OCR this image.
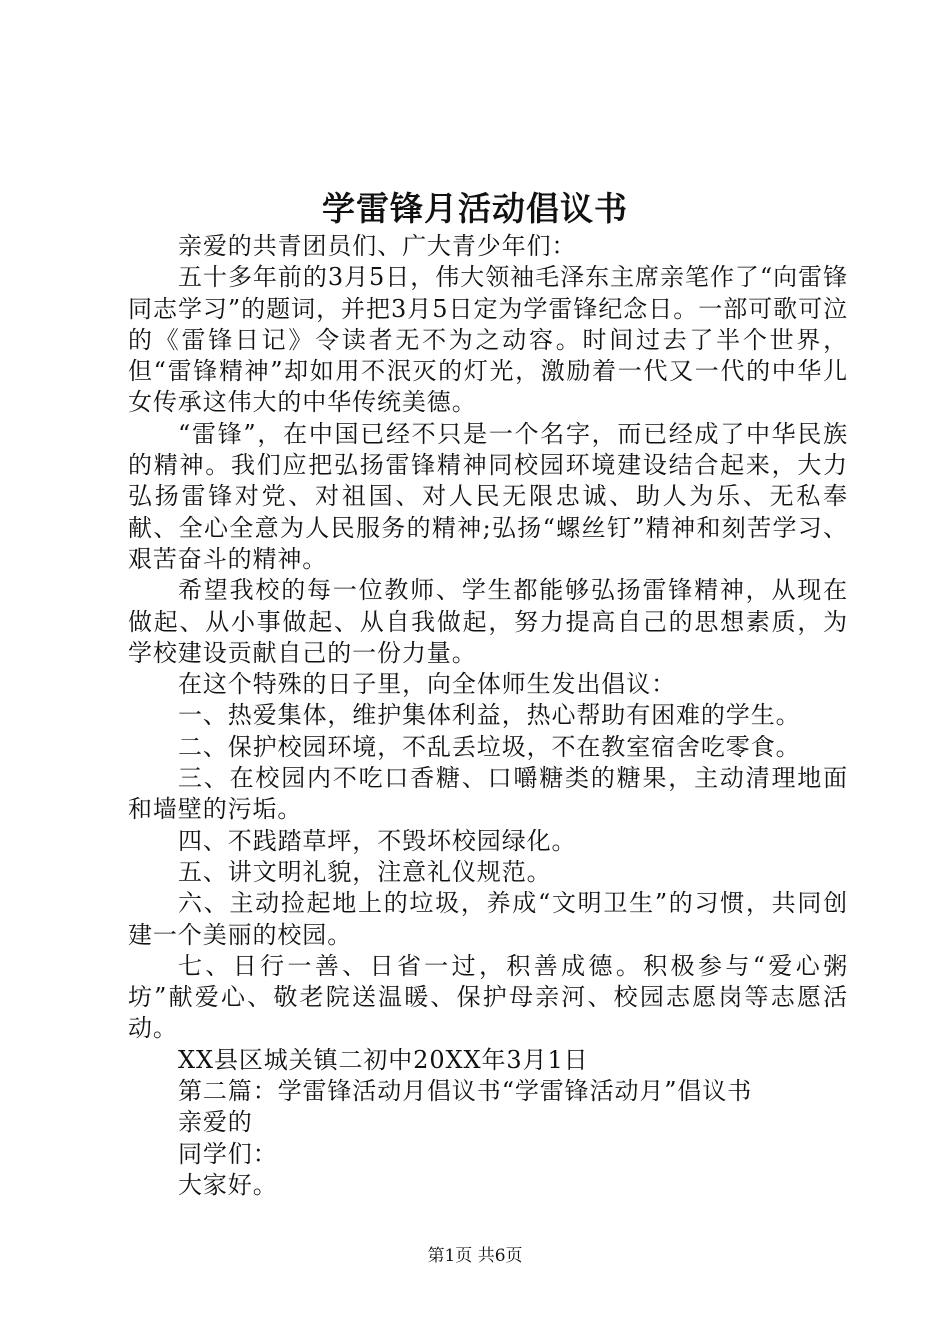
学雷锋月活动倡议书

亲爱的共青团员们、广大青少年们：

五十多年前的3月5日，伟大领袖毛泽东主席亲笔作了“向雷锋同志学习”的题词，并把3月5日定为学雷锋纪念日。一部可歌可泣的《雷锋日记》令读者无不为之动容。时间过去了半个世界，但“雷锋精神”却如用不泯灭的灯光，激励着一代又一代的中华儿女传承这伟大的中华传统美德。

“雷锋”，在中国已经不只是一个名字，而已经成了中华民族的精神。我们应把弘扬雷锋精神同校园环境建设结合起来，大力弘扬雷锋对党、对祖国、对人民无限忠诚、助人为乐、无私奉献、全心全意为人民服务的精神;弘扬“螺丝钉”精神和刻苦学习、艰苦奋斗的精神。

希望我校的每一位教师、学生都能够弘扬雷锋精神，从现在做起、从小事做起、从自我做起，努力提高自己的思想素质，为学校建设贡献自己的一份力量。

在这个特殊的日子里，向全体师生发出倡议：

一、热爱集体，维护集体利益，热心帮助有困难的学生。

二、保护校园环境，不乱丢垃圾，不在教室宿舍吃零食。

三、在校园内不吃口香糖、口嚼糖类的糖果，主动清理地面和墙壁的污垢。

四、不践踏草坪，不毁坏校园绿化。

五、讲文明礼貌，注意礼仪规范。

六、主动捡起地上的垃圾，养成“文明卫生”的习惯，共同创建一个美丽的校园。

七、日行一善、日省一过，积善成德。积极参与“爱心粥坊”献爱心、敬老院送温暖、保护母亲河、校园志愿岗等志愿活动。

XX县区城关镇二初中20XX年3月1日

第二篇：学雷锋活动月倡议书“学雷锋活动月”倡议书

亲爱的

同学们：

大家好。

第1页 共6页
